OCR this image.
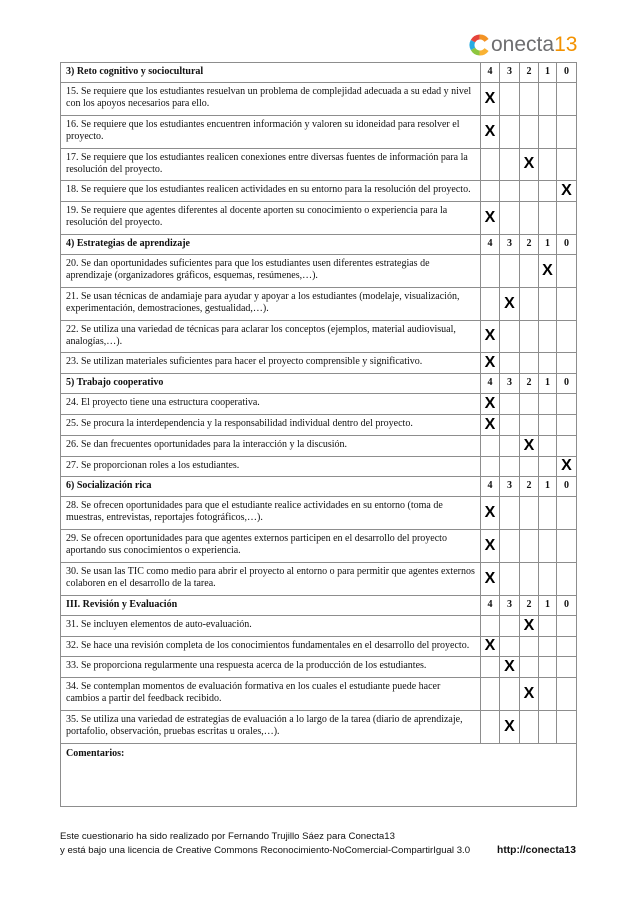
onecta 13
3) Reto cognitivo y sociocultural	4	3	2	1	0
15. Se requiere que los estudiantes resuelvan un problema de complejidad adecuada a su edad y nivel con los apoyos necesarios para ello.	X				
16. Se requiere que los estudiantes encuentren información y valoren su idoneidad para resolver el proyecto.	X				
17. Se requiere que los estudiantes realicen conexiones entre diversas fuentes de información para la resolución del proyecto.			X		
18. Se requiere que los estudiantes realicen actividades en su entorno para la resolución del proyecto.					X
19. Se requiere que agentes diferentes al docente aporten su conocimiento o experiencia para la resolución del proyecto.	X				
4) Estrategias de aprendizaje	4	3	2	1	0
20. Se dan oportunidades suficientes para que los estudiantes usen diferentes estrategias de aprendizaje (organizadores gráficos, esquemas, resúmenes,…).				X	
21. Se usan técnicas de andamiaje para ayudar y apoyar a los estudiantes (modelaje, visualización, experimentación, demostraciones, gestualidad,…).		X			
22. Se utiliza una variedad de técnicas para aclarar los conceptos (ejemplos, material audiovisual, analogías,…).	X				
23. Se utilizan materiales suficientes para hacer el proyecto comprensible y significativo.	X				
5) Trabajo cooperativo	4	3	2	1	0
24. El proyecto tiene una estructura cooperativa.	X				
25. Se procura la interdependencia y la responsabilidad individual dentro del proyecto.	X				
26. Se dan frecuentes oportunidades para la interacción y la discusión.			X		
27. Se proporcionan roles a los estudiantes.					X
6) Socialización rica	4	3	2	1	0
28. Se ofrecen oportunidades para que el estudiante realice actividades en su entorno (toma de muestras, entrevistas, reportajes fotográficos,…).	X				
29. Se ofrecen oportunidades para que agentes externos participen en el desarrollo del proyecto aportando sus conocimientos o experiencia.	X				
30. Se usan las TIC como medio para abrir el proyecto al entorno o para permitir que agentes externos colaboren en el desarrollo de la tarea.	X				
III. Revisión y Evaluación	4	3	2	1	0
31. Se incluyen elementos de auto-evaluación.			X		
32. Se hace una revisión completa de los conocimientos fundamentales en el desarrollo del proyecto.	X				
33. Se proporciona regularmente una respuesta acerca de la producción de los estudiantes.		X			
34. Se contemplan momentos de evaluación formativa en los cuales el estudiante puede hacer cambios a partir del feedback recibido.			X		
35. Se utiliza una variedad de estrategias de evaluación a lo largo de la tarea (diario de aprendizaje, portafolio, observación, pruebas escritas u orales,…).		X			
Comentarios:					
Este cuestionario ha sido realizado por Fernando Trujillo Sáez para Conecta13
y está bajo una licencia de Creative Commons Reconocimiento-NoComercial-CompartirIgual 3.0	http://conecta13
